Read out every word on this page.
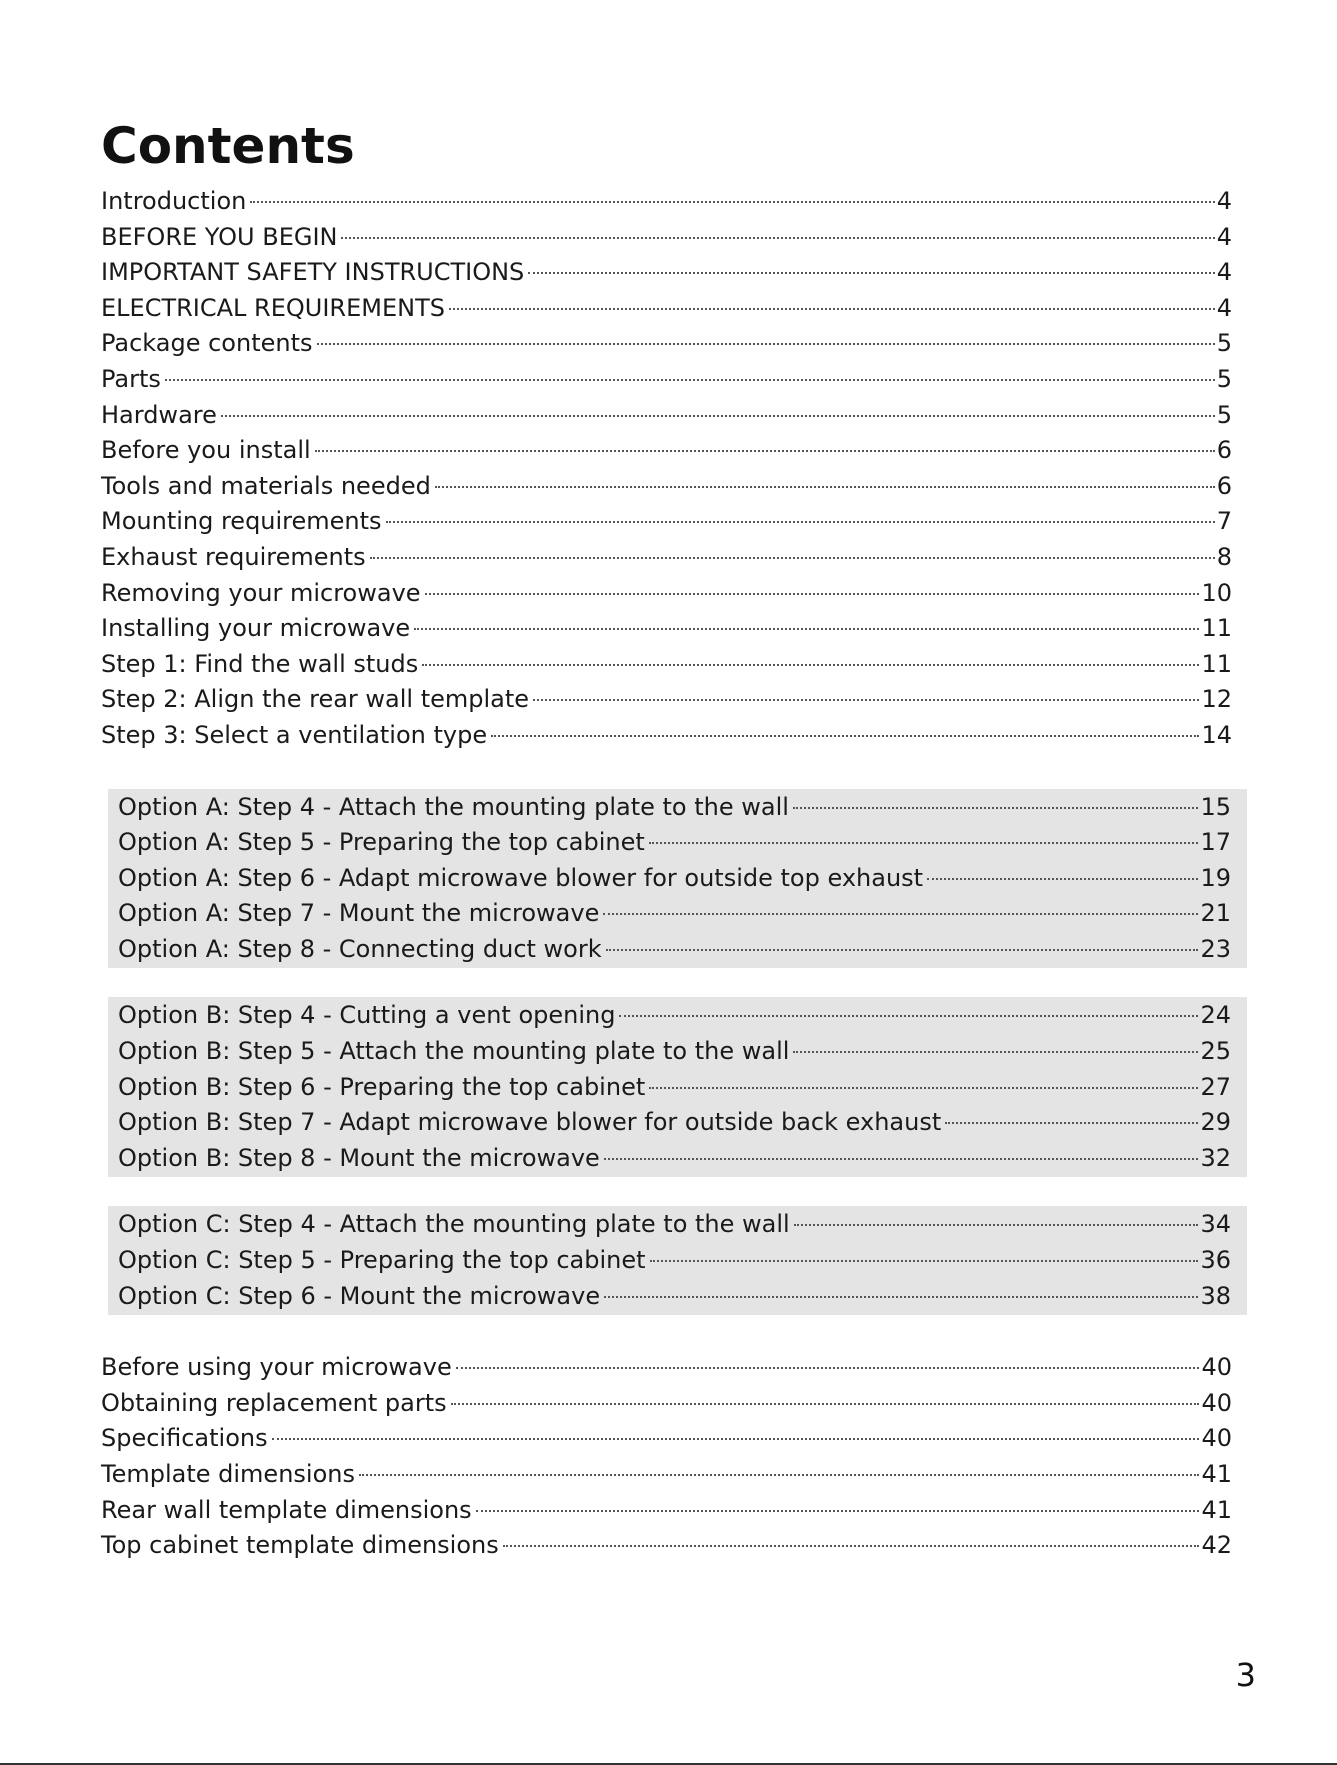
Contents
Introduction	4
BEFORE YOU BEGIN	4
IMPORTANT SAFETY INSTRUCTIONS	4
ELECTRICAL REQUIREMENTS	4
Package contents	5
Parts	5
Hardware	5
Before you install	6
Tools and materials needed	6
Mounting requirements	7
Exhaust requirements	8
Removing your microwave	10
Installing your microwave	11
Step 1: Find the wall studs	11
Step 2: Align the rear wall template	12
Step 3: Select a ventilation type	14
Option A: Step 4 - Attach the mounting plate to the wall	15
Option A: Step 5 - Preparing the top cabinet	17
Option A: Step 6 - Adapt microwave blower for outside top exhaust	19
Option A: Step 7 - Mount the microwave	21
Option A: Step 8 - Connecting duct work	23
Option B: Step 4 - Cutting a vent opening	24
Option B: Step 5 - Attach the mounting plate to the wall	25
Option B: Step 6 - Preparing the top cabinet	27
Option B: Step 7 - Adapt microwave blower for outside back exhaust	29
Option B: Step 8 - Mount the microwave	32
Option C: Step 4 - Attach the mounting plate to the wall	34
Option C: Step 5 - Preparing the top cabinet	36
Option C: Step 6 - Mount the microwave	38
Before using your microwave	40
Obtaining replacement parts	40
Specifications	40
Template dimensions	41
Rear wall template dimensions	41
Top cabinet template dimensions	42
3
